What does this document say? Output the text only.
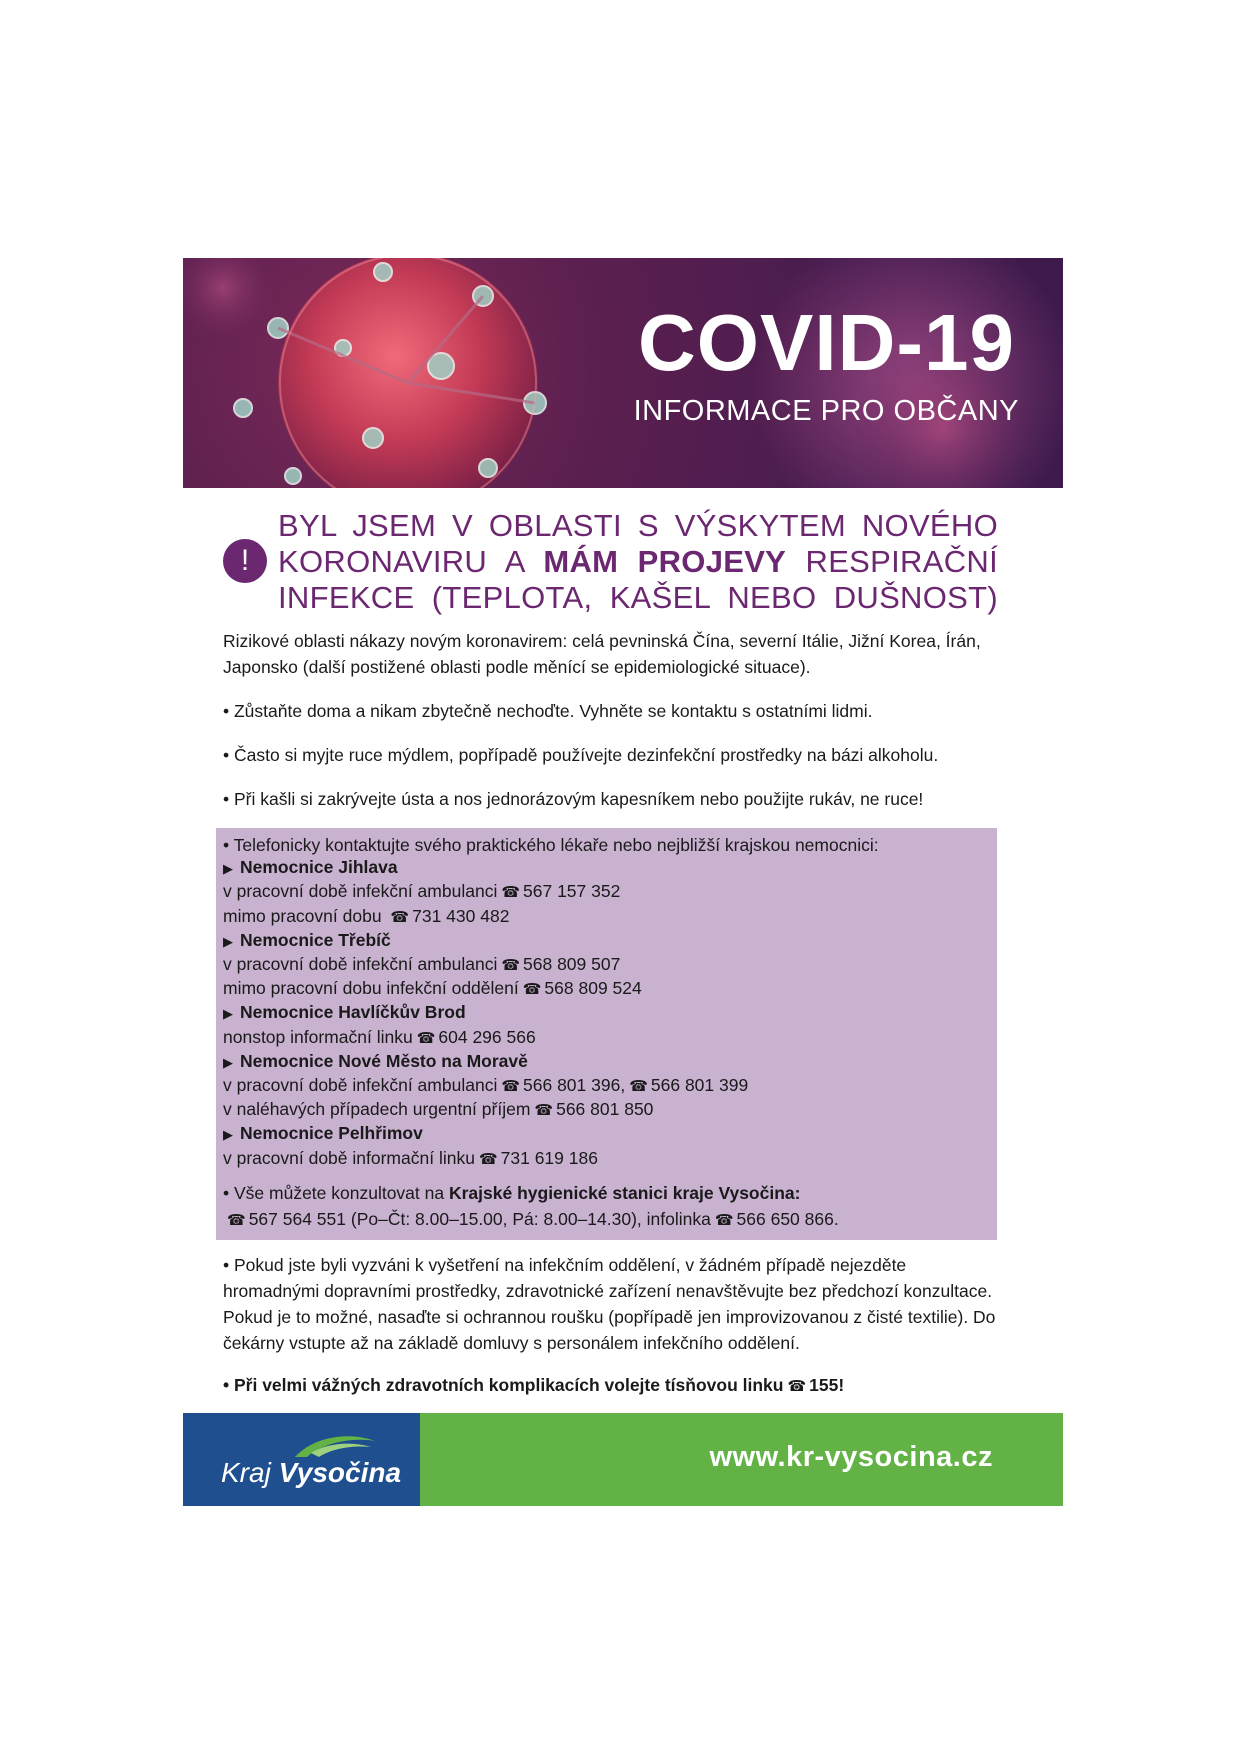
COVID-19
INFORMACE PRO OBČANY
!
BYL JSEM V OBLASTI S VÝSKYTEM NOVÉHO
KORONAVIRU A MÁM PROJEVY RESPIRAČNÍ
INFEKCE (TEPLOTA, KAŠEL NEBO DUŠNOST)

Rizikové oblasti nákazy novým koronavirem: celá pevninská Čína, severní Itálie, Jižní Korea, Írán, Japonsko (další postižené oblasti podle měnící se epidemiologické situace).

• Zůstaňte doma a nikam zbytečně nechoďte. Vyhněte se kontaktu s ostatními lidmi.

• Často si myjte ruce mýdlem, popřípadě používejte dezinfekční prostředky na bázi alkoholu.

• Při kašli si zakrývejte ústa a nos jednorázovým kapesníkem nebo použijte rukáv, ne ruce!

• Telefonicky kontaktujte svého praktického lékaře nebo nejbližší krajskou nemocnici:
▶ Nemocnice Jihlava
v pracovní době infekční ambulanci ☎ 567 157 352
mimo pracovní dobu ☎ 731 430 482
▶ Nemocnice Třebíč
v pracovní době infekční ambulanci ☎ 568 809 507
mimo pracovní dobu infekční oddělení ☎ 568 809 524
▶ Nemocnice Havlíčkův Brod
nonstop informační linku ☎ 604 296 566
▶ Nemocnice Nové Město na Moravě
v pracovní době infekční ambulanci ☎ 566 801 396, ☎ 566 801 399
v naléhavých případech urgentní příjem ☎ 566 801 850
▶ Nemocnice Pelhřimov
v pracovní době informační linku ☎ 731 619 186
• Vše můžete konzultovat na Krajské hygienické stanici kraje Vysočina:
☎ 567 564 551 (Po–Čt: 8.00–15.00, Pá: 8.00–14.30), infolinka ☎ 566 650 866.

• Pokud jste byli vyzváni k vyšetření na infekčním oddělení, v žádném případě nejezděte hromadnými dopravními prostředky, zdravotnické zařízení nenavštěvujte bez předchozí konzultace. Pokud je to možné, nasaďte si ochrannou roušku (popřípadě jen improvizovanou z čisté textilie). Do čekárny vstupte až na základě domluvy s personálem infekčního oddělení.

• Při velmi vážných zdravotních komplikacích volejte tísňovou linku ☎ 155!

Kraj Vysočina	www.kr-vysocina.cz
